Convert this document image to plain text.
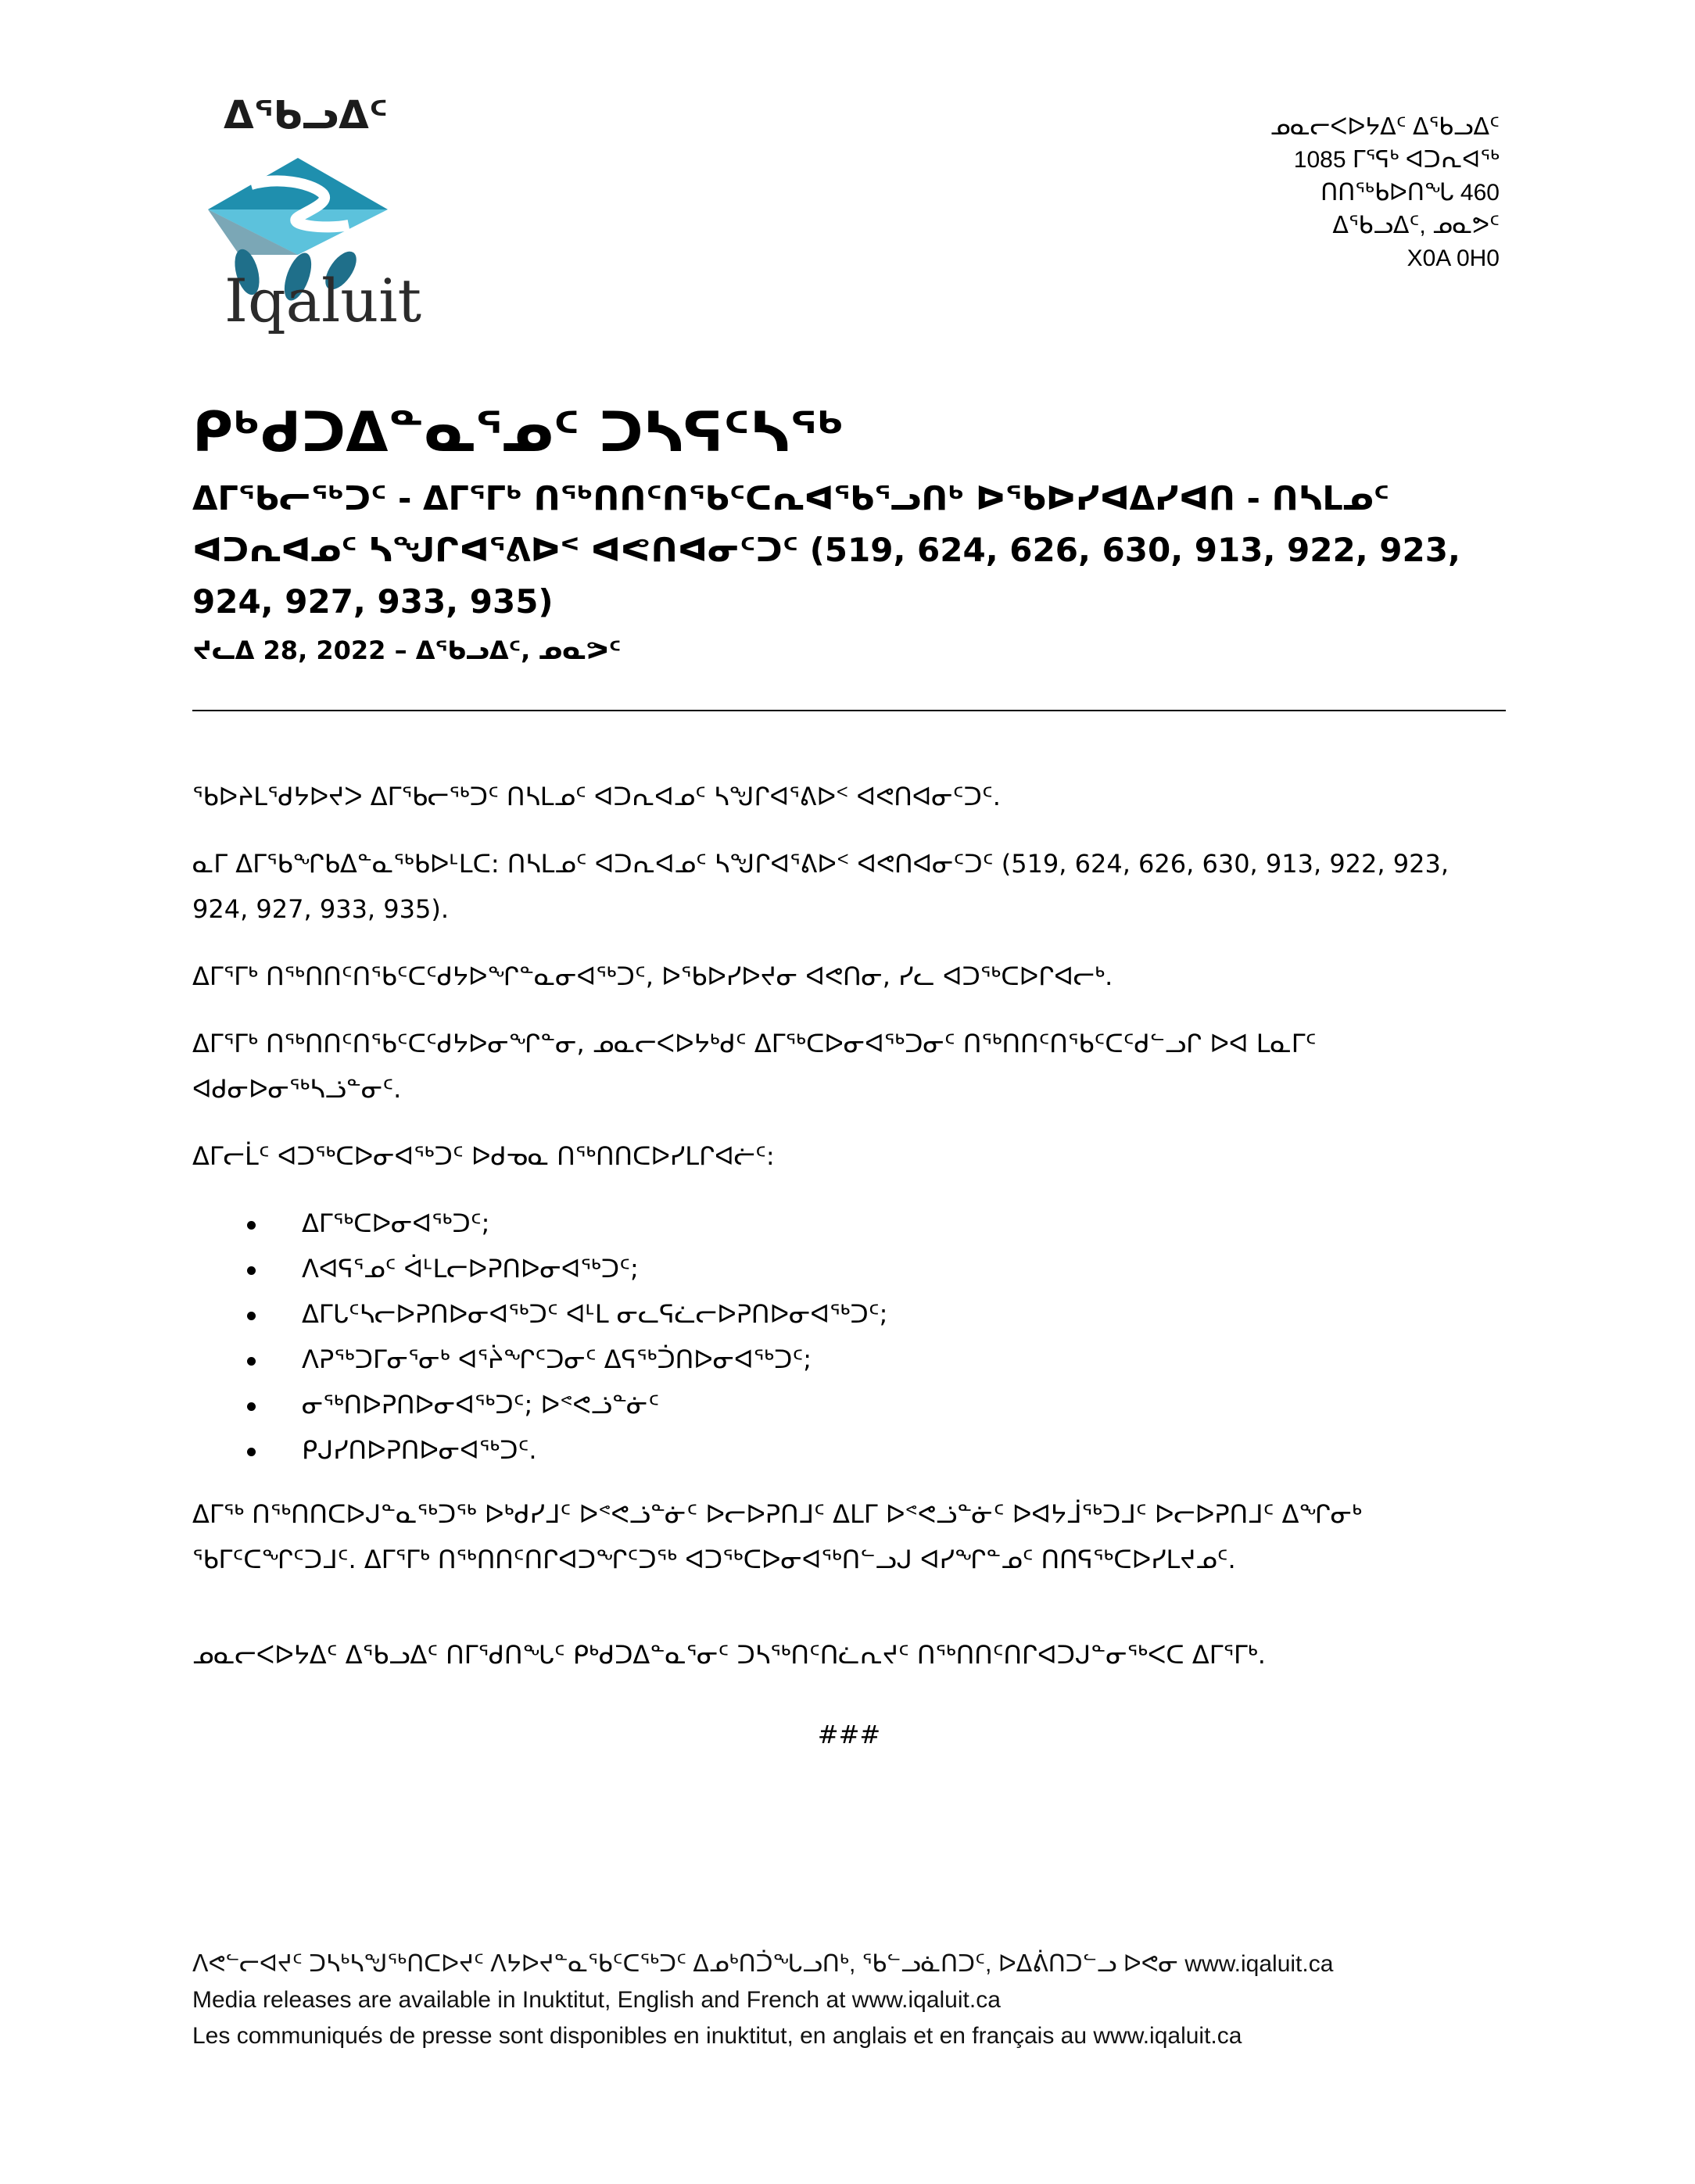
ᐃᖃᓗᐃᑦ
Iqaluit
ᓄᓇᓕᐸᐅᔭᐃᑦ ᐃᖃᓗᐃᑦ
1085 ᒥᕐᕋᒃ ᐊᑐᕆᐊᖅ
ᑎᑎᖅᑲᐅᑎᖓ 460
ᐃᖃᓗᐃᑦ, ᓄᓇᕗᑦ
X0A 0H0
ᑭᒃᑯᑐᐃᓐᓇᕐᓄᑦ ᑐᓴᕋᑦᓴᖅ
ᐃᒥᖃᓕᖅᑐᑦ - ᐃᒥᕐᒥᒃ ᑎᖅᑎᑎᑦᑎᖃᑦᑕᕆᐊᖃᕐᓗᑎᒃ ᐅᖃᐅᓯᐊᐃᓯᐊᑎ - ᑎᓴᒪᓄᑦ ᐊᑐᕆᐊᓄᑦ ᓴᖑᒋᐊᕐᕕᐅᑉ ᐊᕙᑎᐊᓂᑦᑐᑦ (519, 624, 626, 630, 913, 922, 923, 924, 927, 933, 935)
ᔪᓚᐃ 28, 2022 – ᐃᖃᓗᐃᑦ, ᓄᓇᕗᑦ

ᖃᐅᔨᒪᖁᔭᐅᔪᐳ ᐃᒥᖃᓕᖅᑐᑦ ᑎᓴᒪᓄᑦ ᐊᑐᕆᐊᓄᑦ ᓴᖑᒋᐊᕐᕕᐅᑉ ᐊᕙᑎᐊᓂᑦᑐᑦ.

ᓇᒥ ᐃᒥᖃᖏᑲᐃᓐᓇᖅᑲᐅᒻᒪᑕ: ᑎᓴᒪᓄᑦ ᐊᑐᕆᐊᓄᑦ ᓴᖑᒋᐊᕐᕕᐅᑉ ᐊᕙᑎᐊᓂᑦᑐᑦ (519, 624, 626, 630, 913, 922, 923, 924, 927, 933, 935).

ᐃᒥᕐᒥᒃ ᑎᖅᑎᑎᑦᑎᖃᑦᑕᑦᑯᔭᐅᖏᓐᓇᓂᐊᖅᑐᑦ, ᐅᖃᐅᓯᐅᔪᓂ ᐊᕙᑎᓂ, ᓯᓚ ᐊᑐᖅᑕᐅᒋᐊᓕᒃ.

ᐃᒥᕐᒥᒃ ᑎᖅᑎᑎᑦᑎᖃᑦᑕᑦᑯᔭᐅᓂᖏᓐᓂ, ᓄᓇᓕᐸᐅᔭᒃᑯᑦ ᐃᒥᖅᑕᐅᓂᐊᖅᑐᓂᑦ ᑎᖅᑎᑎᑦᑎᖃᑦᑕᑦᑯᓪᓗᒋ ᐅᐊ ᒪᓇᒥᑦ ᐊᑯᓂᐅᓂᖅᓴᓘᓐᓂᑦ.

ᐃᒥᓕᒫᑦ ᐊᑐᖅᑕᐅᓂᐊᖅᑐᑦ ᐅᑯᓀᓇ ᑎᖅᑎᑎᑕᐅᓯᒪᒋᐊᓖᑦ:

ᐃᒥᖅᑕᐅᓂᐊᖅᑐᑦ;
ᐱᐊᕋᕐᓄᑦ ᐋᒻᒪᓕᐅᕈᑎᐅᓂᐊᖅᑐᑦ;
ᐃᒥᒐᑦᓴᓕᐅᕈᑎᐅᓂᐊᖅᑐᑦ ᐊᒻᒪ ᓂᓚᕋᓛᓕᐅᕈᑎᐅᓂᐊᖅᑐᑦ;
ᐱᕈᖅᑐᒥᓂᕐᓂᒃ ᐊᕐᔩᖏᑦᑐᓂᑦ ᐃᕋᖅᑑᑎᐅᓂᐊᖅᑐᑦ;
ᓂᖅᑎᐅᕈᑎᐅᓂᐊᖅᑐᑦ; ᐅᕝᕙᓘᓐᓃᑦ
ᑭᒍᓯᑎᐅᕈᑎᐅᓂᐊᖅᑐᑦ.

ᐃᒥᖅ ᑎᖅᑎᑎᑕᐅᒍᓐᓇᖅᑐᖅ ᐅᒃᑯᓯᒧᑦ ᐅᕝᕙᓘᓐᓃᑦ ᐅᓕᐅᕈᑎᒧᑦ ᐃᒪᒥ ᐅᕝᕙᓘᓐᓃᑦ ᐅᐊᔭᒨᖅᑐᒧᑦ ᐅᓕᐅᕈᑎᒧᑦ ᐃᖏᓂᒃ ᖃᒥᑦᑕᖏᑦᑐᒧᑦ. ᐃᒥᕐᒥᒃ ᑎᖅᑎᑎᑦᑎᒋᐊᑐᖏᑦᑐᖅ ᐊᑐᖅᑕᐅᓂᐊᖅᑎᓪᓗᒍ ᐊᓯᖏᓐᓄᑦ ᑎᑎᕋᖅᑕᐅᓯᒪᔪᓄᑦ.

ᓄᓇᓕᐸᐅᔭᐃᑦ ᐃᖃᓗᐃᑦ ᑎᒥᖁᑎᖓᑦ ᑭᒃᑯᑐᐃᓐᓇᕐᓂᑦ ᑐᓴᖅᑎᑦᑎᓛᕆᔪᑦ ᑎᖅᑎᑎᑦᑎᒋᐊᑐᒍᓐᓂᖅᐸᑕ ᐃᒥᕐᒥᒃ.

###

ᐱᕙᓪᓕᐊᔪᑦ ᑐᓴᒃᓴᖑᖅᑎᑕᐅᔪᑦ ᐱᔭᐅᔪᓐᓇᖃᑦᑕᖅᑐᑦ ᐃᓄᒃᑎᑑᖓᓗᑎᒃ, ᖃᓪᓗᓈᑎᑐᑦ, ᐅᐃᕖᑎᑐᓪᓗ ᐅᕙᓂ www.iqaluit.ca
Media releases are available in Inuktitut, English and French at www.iqaluit.ca
Les communiqués de presse sont disponibles en inuktitut, en anglais et en français au www.iqaluit.ca
